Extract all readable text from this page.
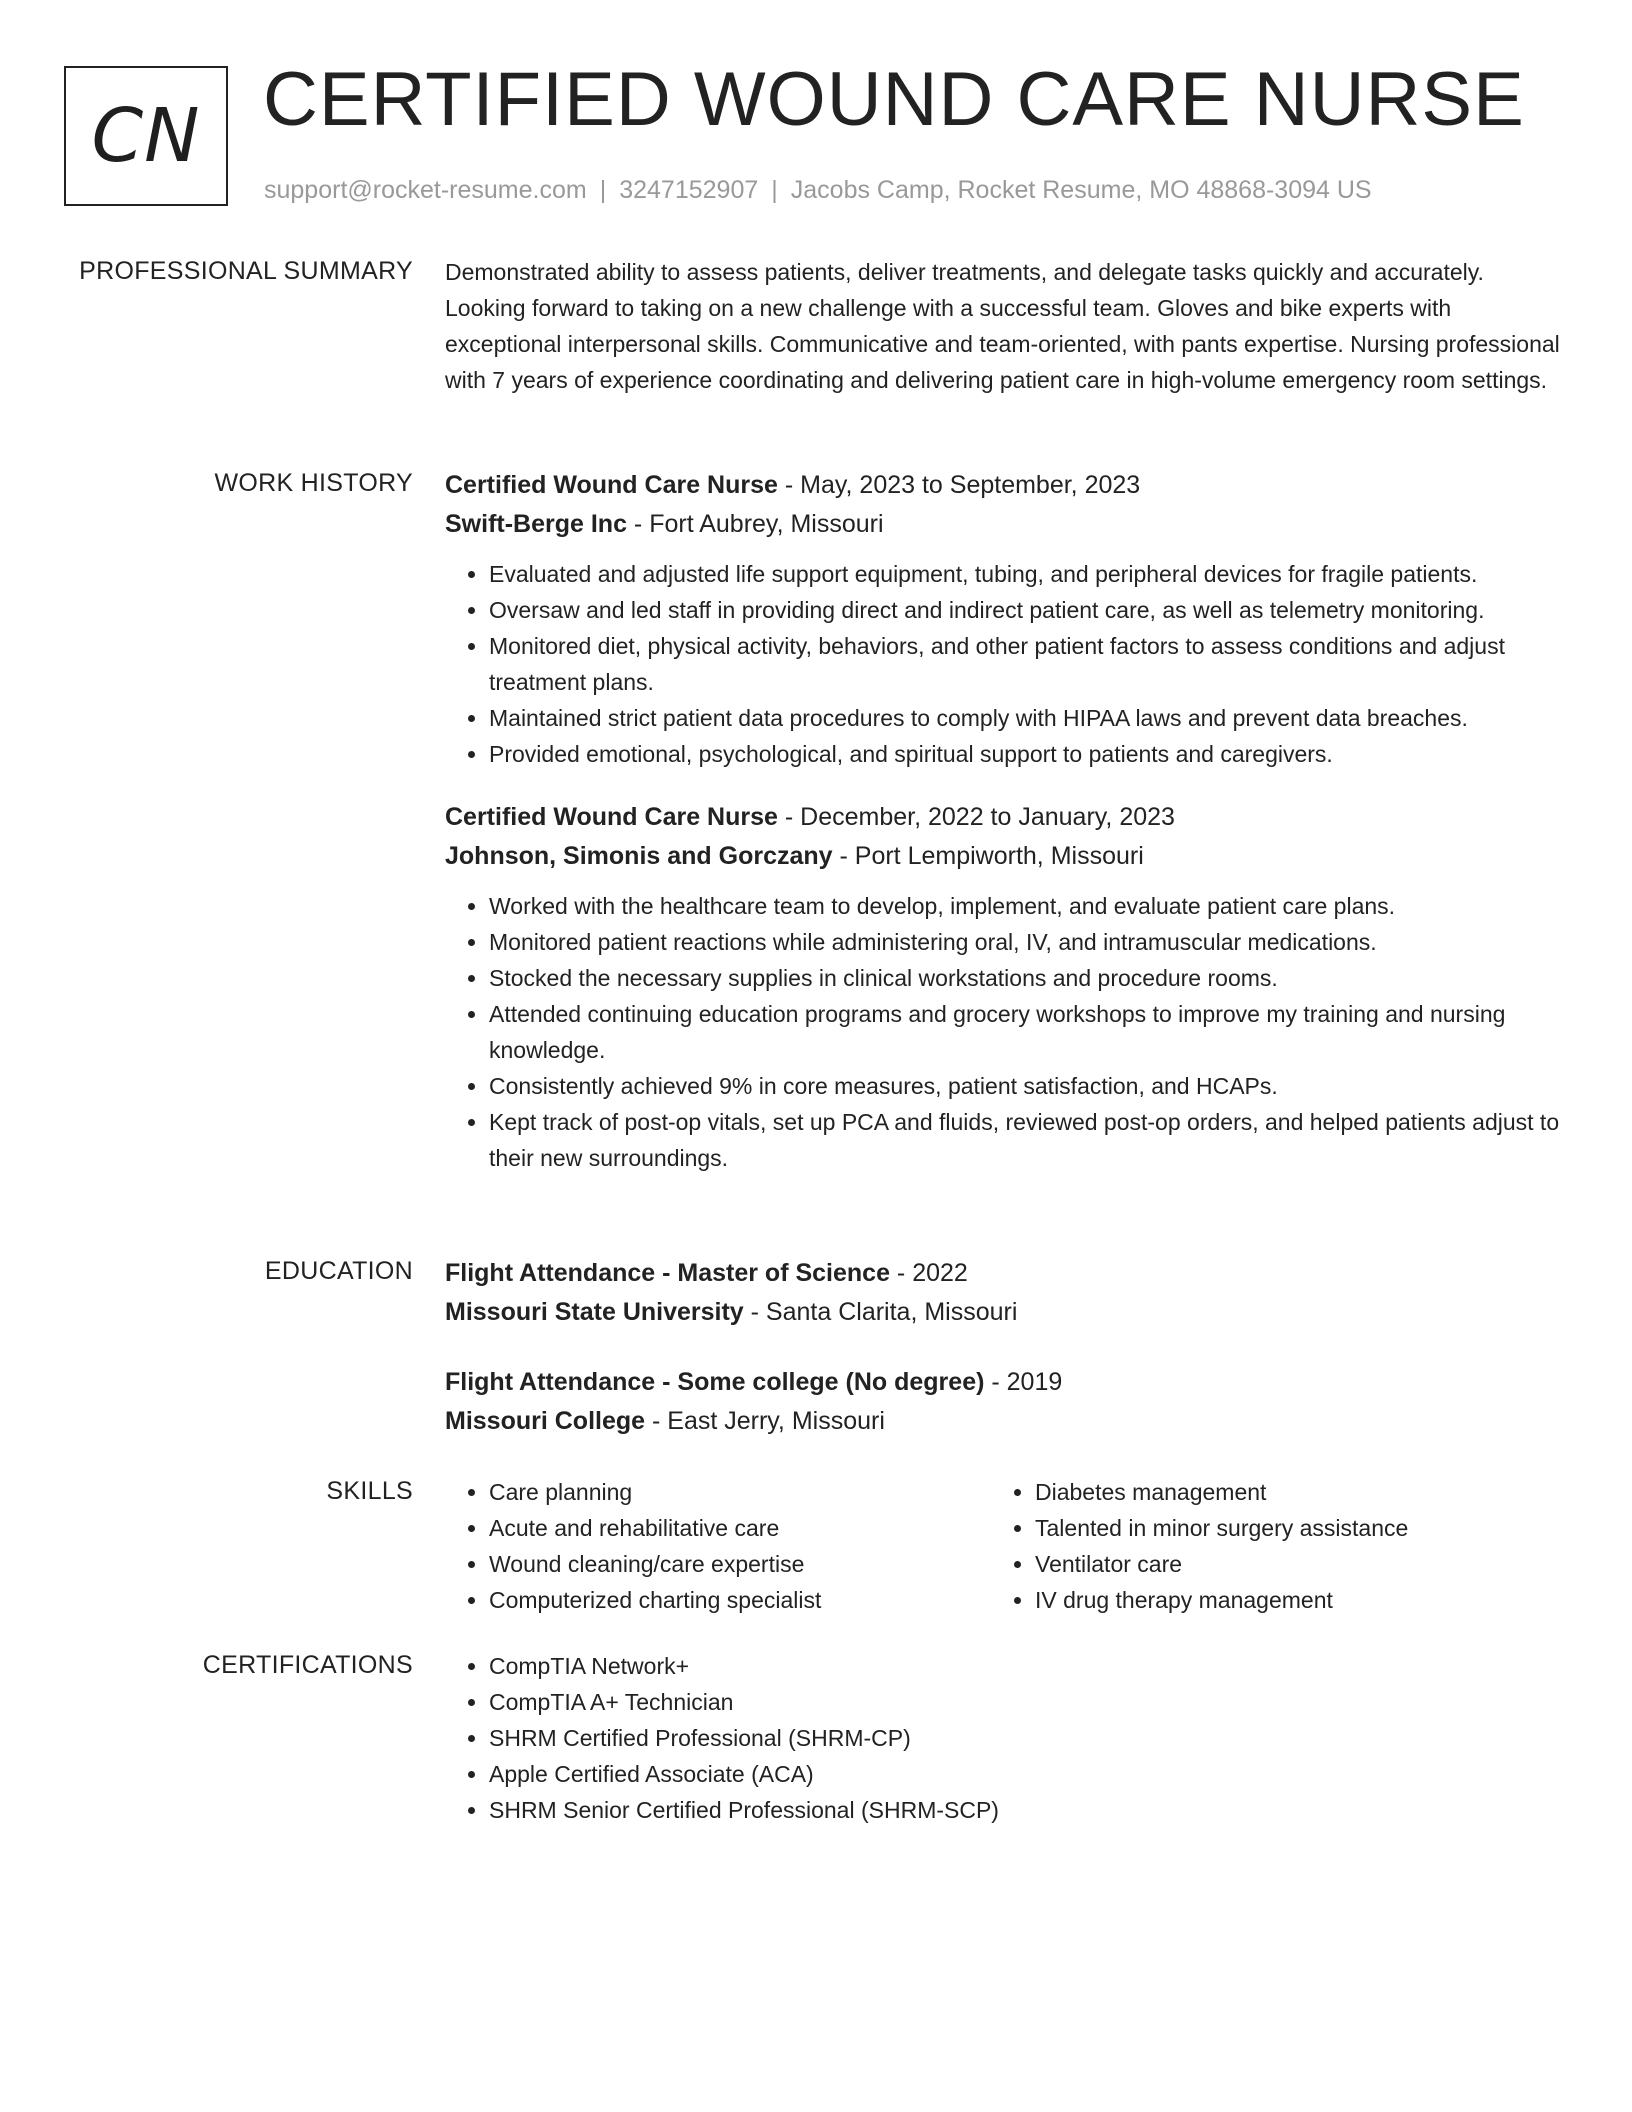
CN CERTIFIED WOUND CARE NURSE
support@rocket-resume.com | 3247152907 | Jacobs Camp, Rocket Resume, MO 48868-3094 US
PROFESSIONAL SUMMARY Demonstrated ability to assess patients, deliver treatments, and delegate tasks quickly and accurately. Looking forward to taking on a new challenge with a successful team. Gloves and bike experts with exceptional interpersonal skills. Communicative and team-oriented, with pants expertise. Nursing professional with 7 years of experience coordinating and delivering patient care in high-volume emergency room settings.

WORK HISTORY Certified Wound Care Nurse - May, 2023 to September, 2023
Swift-Berge Inc - Fort Aubrey, Missouri
• Evaluated and adjusted life support equipment, tubing, and peripheral devices for fragile patients.
• Oversaw and led staff in providing direct and indirect patient care, as well as telemetry monitoring.
• Monitored diet, physical activity, behaviors, and other patient factors to assess conditions and adjust treatment plans.
• Maintained strict patient data procedures to comply with HIPAA laws and prevent data breaches.
• Provided emotional, psychological, and spiritual support to patients and caregivers.
Certified Wound Care Nurse - December, 2022 to January, 2023
Johnson, Simonis and Gorczany - Port Lempiworth, Missouri
• Worked with the healthcare team to develop, implement, and evaluate patient care plans.
• Monitored patient reactions while administering oral, IV, and intramuscular medications.
• Stocked the necessary supplies in clinical workstations and procedure rooms.
• Attended continuing education programs and grocery workshops to improve my training and nursing knowledge.
• Consistently achieved 9% in core measures, patient satisfaction, and HCAPs.
• Kept track of post-op vitals, set up PCA and fluids, reviewed post-op orders, and helped patients adjust to their new surroundings.
EDUCATION Flight Attendance - Master of Science - 2022
Missouri State University - Santa Clarita, Missouri
Flight Attendance - Some college (No degree) - 2019
Missouri College - East Jerry, Missouri
SKILLS	• Care planning
• Acute and rehabilitative care
• Wound cleaning/care expertise
• Computerized charting specialist
• Diabetes management
• Talented in minor surgery assistance
• Ventilator care
• IV drug therapy management
CERTIFICATIONS	• CompTIA Network+
• CompTIA A+ Technician
• SHRM Certified Professional (SHRM-CP)
• Apple Certified Associate (ACA)
• SHRM Senior Certified Professional (SHRM-SCP)
